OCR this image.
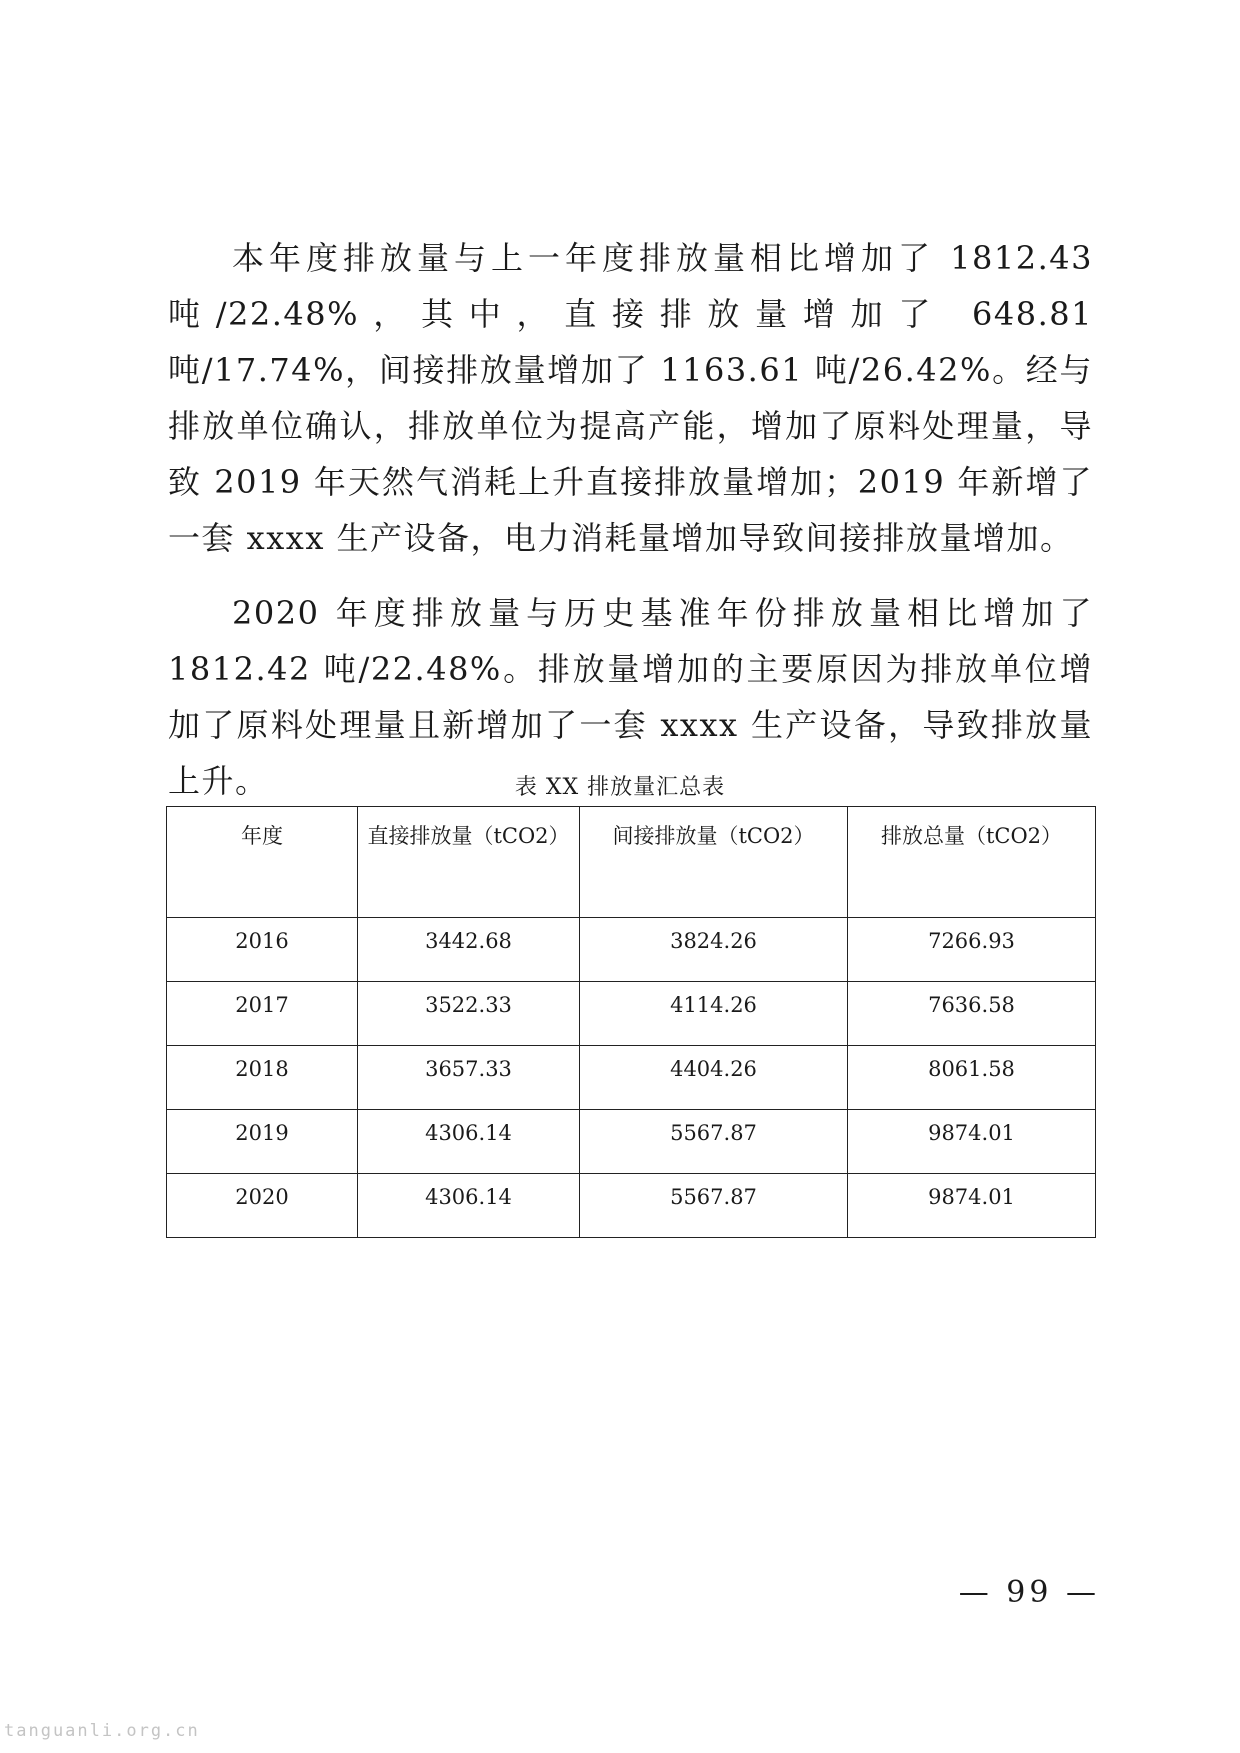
本年度排放量与上一年度排放量相比增加了 1812.43 吨/22.48%，其中，直接排放量增加了 648.81 吨/17.74%，间接排放量增加了 1163.61 吨/26.42%。经与排放单位确认，排放单位为提高产能，增加了原料处理量，导致 2019 年天然气消耗上升直接排放量增加；2019 年新增了一套 xxxx 生产设备，电力消耗量增加导致间接排放量增加。

2020 年度排放量与历史基准年份排放量相比增加了 1812.42 吨/22.48%。排放量增加的主要原因为排放单位增加了原料处理量且新增加了一套 xxxx 生产设备，导致排放量上升。	表 XX 排放量汇总表
年度	直接排放量（tCO2）	间接排放量（tCO2）	排放总量（tCO2）
2016	3442.68	3824.26	7266.93
2017	3522.33	4114.26	7636.58
2018	3657.33	4404.26	8061.58
2019	4306.14	5567.87	9874.01
2020	4306.14	5567.87	9874.01
— 99 —
tanguanli.org.cn
